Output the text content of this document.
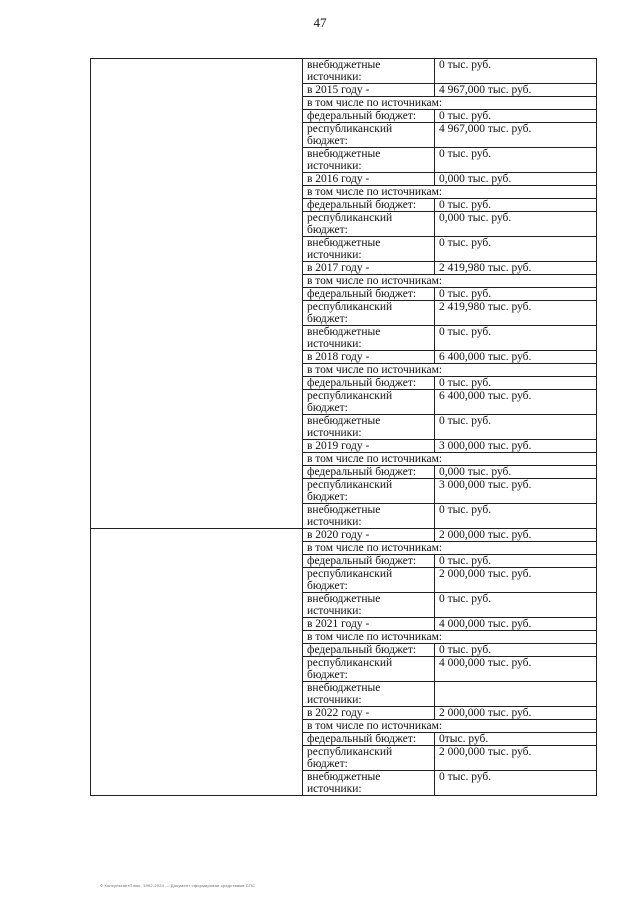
47
	внебюджетные источники:	0 тыс. руб.
	в 2015 году -	4 967,000 тыс. руб.
	в том числе по источникам:	
	федеральный бюджет:	0 тыс. руб.
	республиканский бюджет:	4 967,000 тыс. руб.
	внебюджетные источники:	0 тыс. руб.
	в 2016 году -	0,000 тыс. руб.
	в том числе по источникам:	
	федеральный бюджет:	0 тыс. руб.
	республиканский бюджет:	0,000 тыс. руб.
	внебюджетные источники:	0 тыс. руб.
	в 2017 году -	2 419,980 тыс. руб.
	в том числе по источникам:	
	федеральный бюджет:	0 тыс. руб.
	республиканский бюджет:	2 419,980 тыс. руб.
	внебюджетные источники:	0 тыс. руб.
	в 2018 году -	6 400,000 тыс. руб.
	в том числе по источникам:	
	федеральный бюджет:	0 тыс. руб.
	республиканский бюджет:	6 400,000 тыс. руб.
	внебюджетные источники:	0 тыс. руб.
	в 2019 году -	3 000,000 тыс. руб.
	в том числе по источникам:	
	федеральный бюджет:	0,000 тыс. руб.
	республиканский бюджет:	3 000,000 тыс. руб.
	внебюджетные источники:	0 тыс. руб.
	в 2020 году -	2 000,000 тыс. руб.
	в том числе по источникам:	
	федеральный бюджет:	0 тыс. руб.
	республиканский бюджет:	2 000,000 тыс. руб.
	внебюджетные источники:	0 тыс. руб.
	в 2021 году -	4 000,000 тыс. руб.
	в том числе по источникам:	
	федеральный бюджет:	0 тыс. руб.
	республиканский бюджет:	4 000,000 тыс. руб.
	внебюджетные источники:	
	в 2022 году -	2 000,000 тыс. руб.
	в том числе по источникам:	
	федеральный бюджет:	0тыс. руб.
	республиканский бюджет:	2 000,000 тыс. руб.
	внебюджетные источники:	0 тыс. руб.
© КонсультантПлюс, 1992-2024 — Документ сформирован средствами СПС
